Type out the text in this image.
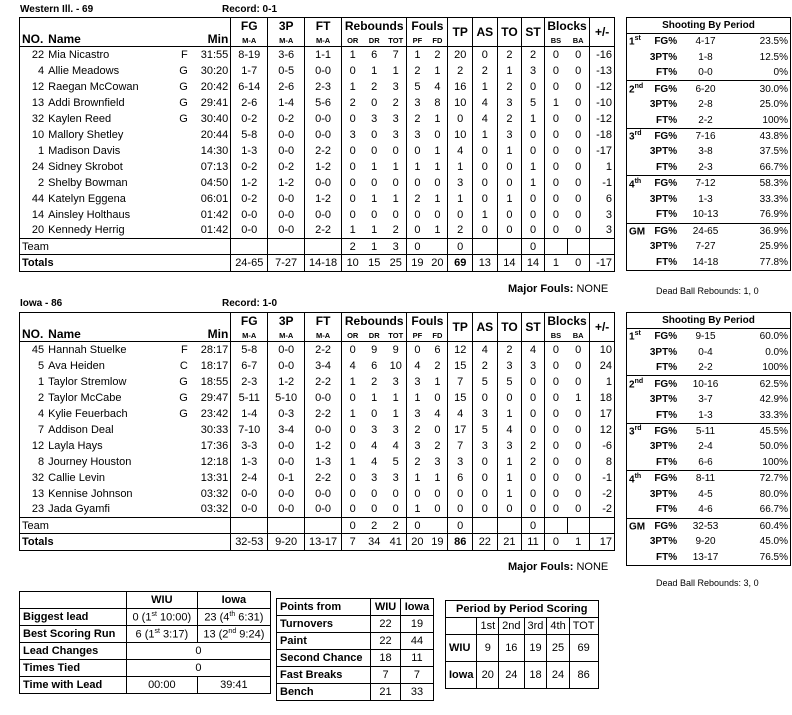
Western Ill. - 69	Record: 0-1
NO.	Name	Min	FG	3P	FT	Rebounds			Fouls		TP	AS	TO	ST	Blocks		+/-
			M-A	M-A	M-A	OR	DR	TOT	PF	FD					BS	BA	
22	Mia Nicastro F	31:55	8-19	3-6	1-1	1	6	7	1	2	20	0	2	2	0	0	-16
4	Allie Meadows G	30:20	1-7	0-5	0-0	0	1	1	2	1	2	2	1	3	0	0	-13
12	Raegan McCowan G	20:42	6-14	2-6	2-3	1	2	3	5	4	16	1	2	0	0	0	-12
13	Addi Brownfield G	29:41	2-6	1-4	5-6	2	0	2	3	8	10	4	3	5	1	0	-10
32	Kaylen Reed G	30:40	0-2	0-2	0-0	0	3	3	2	1	0	4	2	1	0	0	-12
10	Mallory Shetley	20:44	5-8	0-0	0-0	3	0	3	3	0	10	1	3	0	0	0	-18
1	Madison Davis	14:30	1-3	0-0	2-2	0	0	0	0	1	4	0	1	0	0	0	-17
24	Sidney Skrobot	07:13	0-2	0-2	1-2	0	1	1	1	1	1	0	0	1	0	0	1
2	Shelby Bowman	04:50	1-2	1-2	0-0	0	0	0	0	0	3	0	0	1	0	0	-1
44	Katelyn Eggena	06:01	0-2	0-0	1-2	0	1	1	2	1	1	0	1	0	0	0	6
14	Ainsley Holthaus	01:42	0-0	0-0	0-0	0	0	0	0	0	0	1	0	0	0	0	3
20	Kennedy Herrig	01:42	0-0	0-0	2-2	1	1	2	0	1	2	0	0	0	0	0	3
Team						2	1	3	0		0			0			
Totals			24-65	7-27	14-18	10	15	25	19	20	69	13	14	14	1	0	-17
Major Fouls: NONE
Shooting By Period			
1st	FG%	4-17	23.5%
	3PT%	1-8	12.5%
	FT%	0-0	0%
2nd	FG%	6-20	30.0%
	3PT%	2-8	25.0%
	FT%	2-2	100%
3rd	FG%	7-16	43.8%
	3PT%	3-8	37.5%
	FT%	2-3	66.7%
4th	FG%	7-12	58.3%
	3PT%	1-3	33.3%
	FT%	10-13	76.9%
GM	FG%	24-65	36.9%
	3PT%	7-27	25.9%
	FT%	14-18	77.8%
Dead Ball Rebounds: 1, 0
Iowa - 86	Record: 1-0
NO.	Name	Min	FG	3P	FT	Rebounds			Fouls		TP	AS	TO	ST	Blocks		+/-
			M-A	M-A	M-A	OR	DR	TOT	PF	FD					BS	BA	
45	Hannah Stuelke F	28:17	5-8	0-0	2-2	0	9	9	0	6	12	4	2	4	0	0	10
5	Ava Heiden C	18:17	6-7	0-0	3-4	4	6	10	4	2	15	2	3	3	0	0	24
1	Taylor Stremlow G	18:55	2-3	1-2	2-2	1	2	3	3	1	7	5	5	0	0	0	1
2	Taylor McCabe G	29:47	5-11	5-10	0-0	0	1	1	1	0	15	0	0	0	0	1	18
4	Kylie Feuerbach G	23:42	1-4	0-3	2-2	1	0	1	3	4	4	3	1	0	0	0	17
7	Addison Deal	30:33	7-10	3-4	0-0	0	3	3	2	0	17	5	4	0	0	0	12
12	Layla Hays	17:36	3-3	0-0	1-2	0	4	4	3	2	7	3	3	2	0	0	-6
8	Journey Houston	12:18	1-3	0-0	1-3	1	4	5	2	3	3	0	1	2	0	0	8
32	Callie Levin	13:31	2-4	0-1	2-2	0	3	3	1	1	6	0	1	0	0	0	-1
13	Kennise Johnson	03:32	0-0	0-0	0-0	0	0	0	0	0	0	0	1	0	0	0	-2
23	Jada Gyamfi	03:32	0-0	0-0	0-0	0	0	0	1	0	0	0	0	0	0	0	-2
Team						0	2	2	0		0			0			
Totals			32-53	9-20	13-17	7	34	41	20	19	86	22	21	11	0	1	17
Major Fouls: NONE
Shooting By Period			
1st	FG%	9-15	60.0%
	3PT%	0-4	0.0%
	FT%	2-2	100%
2nd	FG%	10-16	62.5%
	3PT%	3-7	42.9%
	FT%	1-3	33.3%
3rd	FG%	5-11	45.5%
	3PT%	2-4	50.0%
	FT%	6-6	100%
4th	FG%	8-11	72.7%
	3PT%	4-5	80.0%
	FT%	4-6	66.7%
GM	FG%	32-53	60.4%
	3PT%	9-20	45.0%
	FT%	13-17	76.5%
Dead Ball Rebounds: 3, 0
	WIU	Iowa
Biggest lead	0 (1st 10:00)	23 (4th 6:31)
Best Scoring Run	6 (1st 3:17)	13 (2nd 9:24)
Lead Changes	0	
Times Tied	0	
Time with Lead	00:00	39:41
Points from	WIU	Iowa
Turnovers	22	19
Paint	22	44
Second Chance	18	11
Fast Breaks	7	7
Bench	21	33
Period by Period Scoring					
	1st	2nd	3rd	4th	TOT
WIU	9	16	19	25	69
Iowa	20	24	18	24	86
